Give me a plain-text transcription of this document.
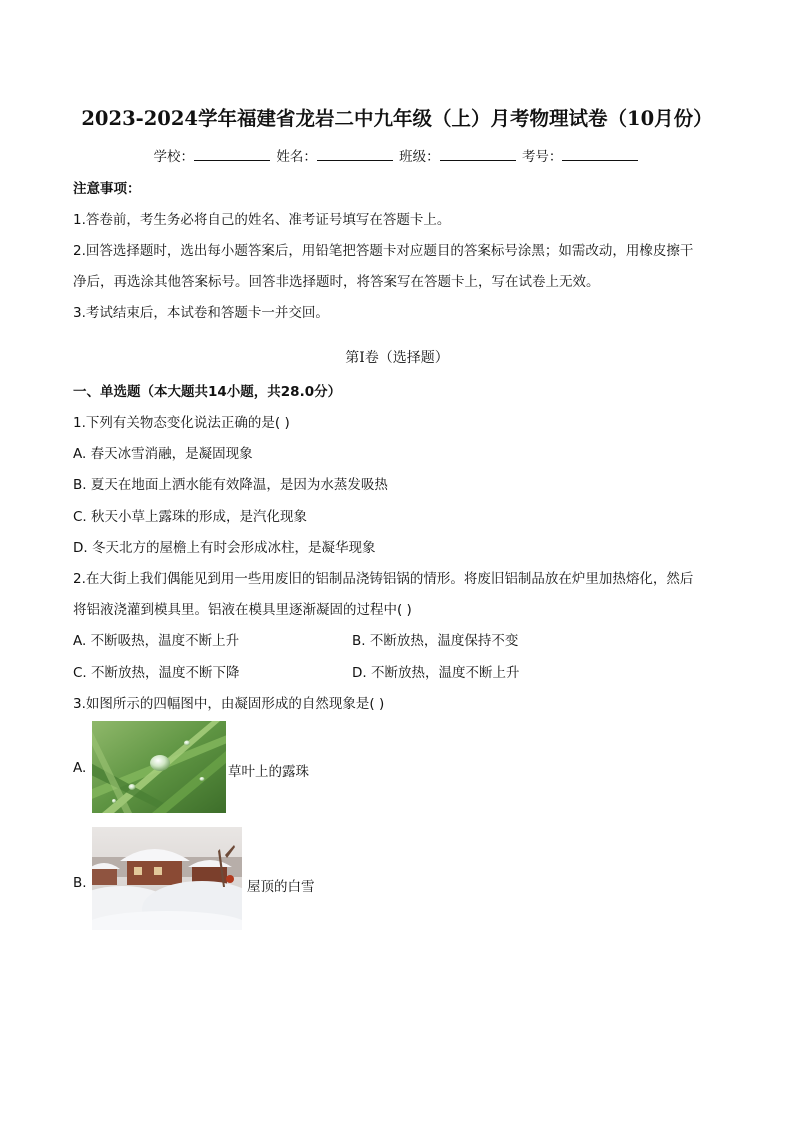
2023-2024学年福建省龙岩二中九年级（上）月考物理试卷（10月份）
学校：	姓名：	班级：	考号：
注意事项：
1.答卷前，考生务必将自己的姓名、准考证号填写在答题卡上。
2.回答选择题时，选出每小题答案后，用铅笔把答题卡对应题目的答案标号涂黑；如需改动，用橡皮擦干
净后，再选涂其他答案标号。回答非选择题时，将答案写在答题卡上，写在试卷上无效。
3.考试结束后，本试卷和答题卡一并交回。
第Ⅰ卷（选择题）
一、单选题（本大题共14小题，共28.0分）
1.下列有关物态变化说法正确的是( )
A. 春天冰雪消融，是凝固现象
B. 夏天在地面上洒水能有效降温，是因为水蒸发吸热
C. 秋天小草上露珠的形成，是汽化现象
D. 冬天北方的屋檐上有时会形成冰柱，是凝华现象
2.在大街上我们偶能见到用一些用废旧的铝制品浇铸铝锅的情形。将废旧铝制品放在炉里加热熔化，然后
将铝液浇灌到模具里。铝液在模具里逐渐凝固的过程中( )
A. 不断吸热，温度不断上升	B. 不断放热，温度保持不变
C. 不断放热，温度不断下降	D. 不断放热，温度不断上升
3.如图所示的四幅图中，由凝固形成的自然现象是( )
A.	草叶上的露珠
B.	屋顶的白雪
